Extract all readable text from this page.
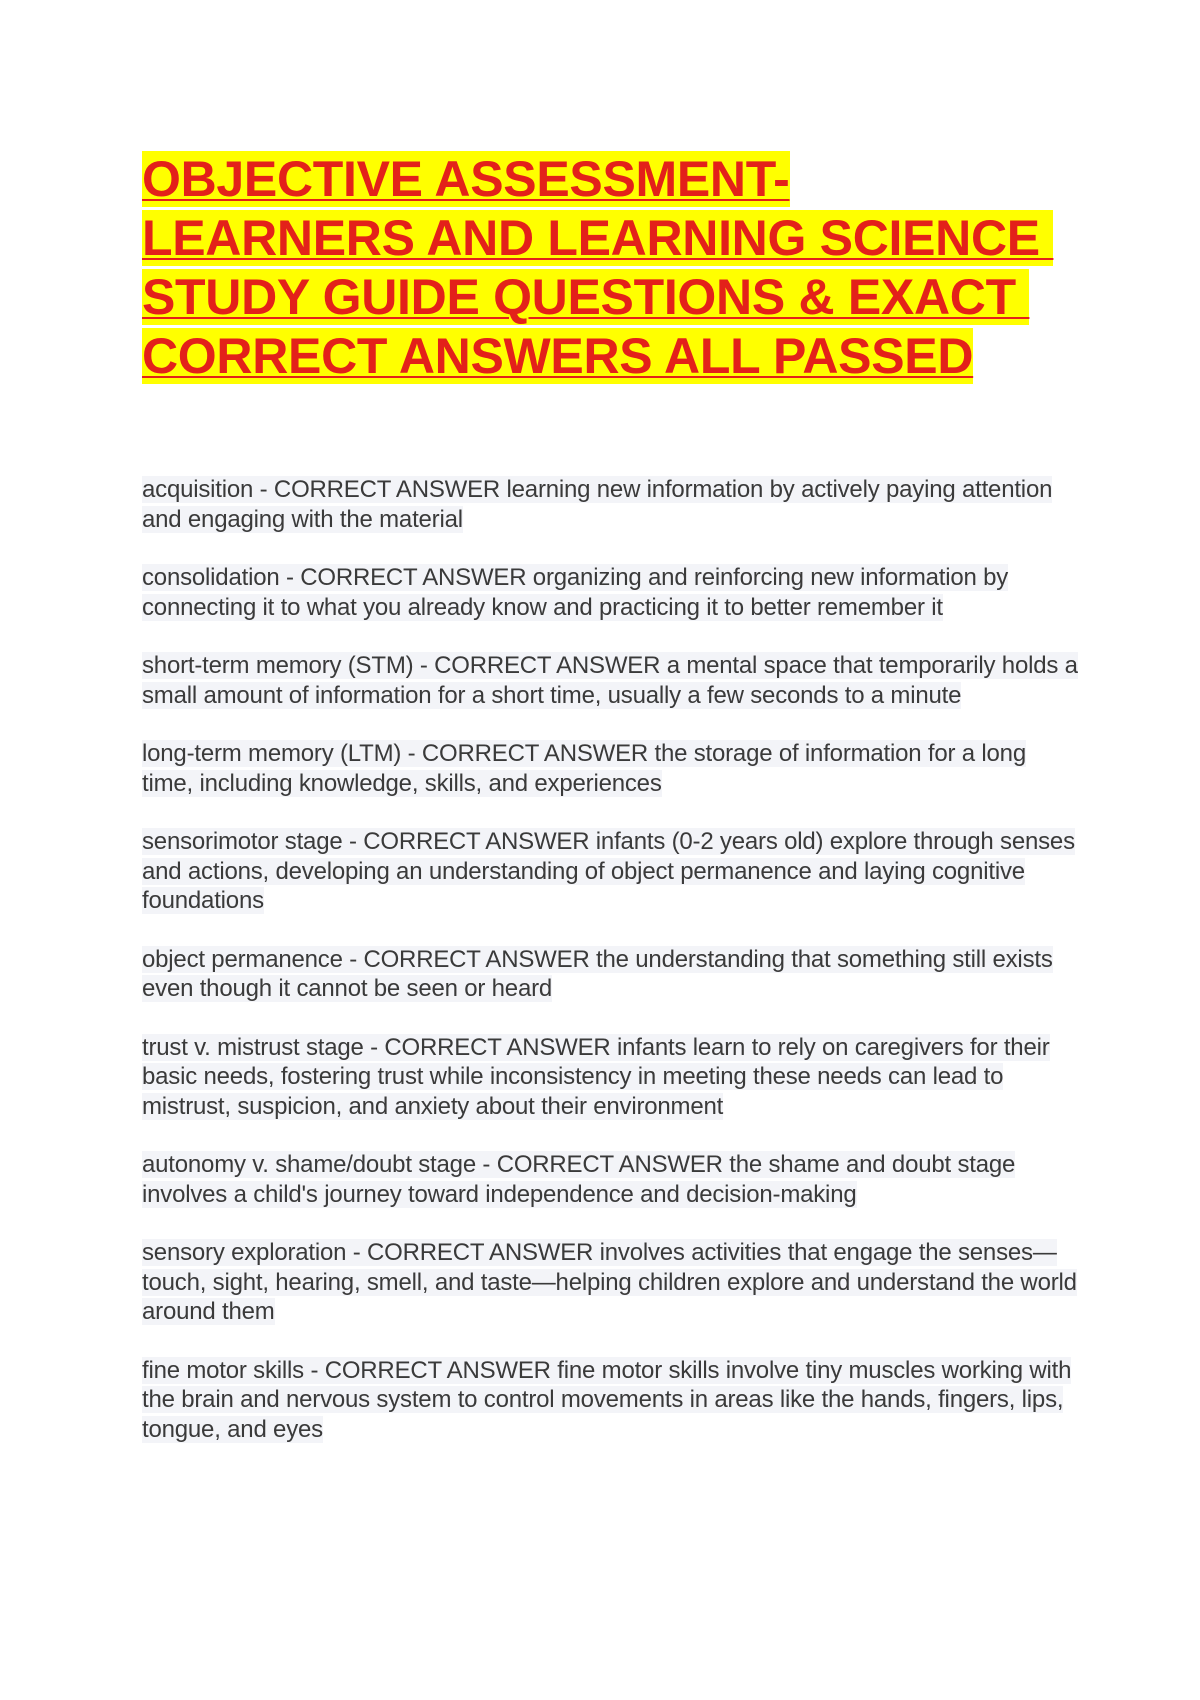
OBJECTIVE ASSESSMENT-
LEARNERS AND LEARNING SCIENCE
STUDY GUIDE QUESTIONS & EXACT
CORRECT ANSWERS ALL PASSED

acquisition - CORRECT ANSWER learning new information by actively paying attention and engaging with the material

consolidation - CORRECT ANSWER organizing and reinforcing new information by connecting it to what you already know and practicing it to better remember it

short-term memory (STM) - CORRECT ANSWER a mental space that temporarily holds a small amount of information for a short time, usually a few seconds to a minute

long-term memory (LTM) - CORRECT ANSWER the storage of information for a long time, including knowledge, skills, and experiences

sensorimotor stage - CORRECT ANSWER infants (0-2 years old) explore through senses and actions, developing an understanding of object permanence and laying cognitive foundations

object permanence - CORRECT ANSWER the understanding that something still exists even though it cannot be seen or heard

trust v. mistrust stage - CORRECT ANSWER infants learn to rely on caregivers for their basic needs, fostering trust while inconsistency in meeting these needs can lead to mistrust, suspicion, and anxiety about their environment

autonomy v. shame/doubt stage - CORRECT ANSWER the shame and doubt stage involves a child's journey toward independence and decision-making

sensory exploration - CORRECT ANSWER involves activities that engage the senses—touch, sight, hearing, smell, and taste—helping children explore and understand the world around them

fine motor skills - CORRECT ANSWER fine motor skills involve tiny muscles working with the brain and nervous system to control movements in areas like the hands, fingers, lips, tongue, and eyes
